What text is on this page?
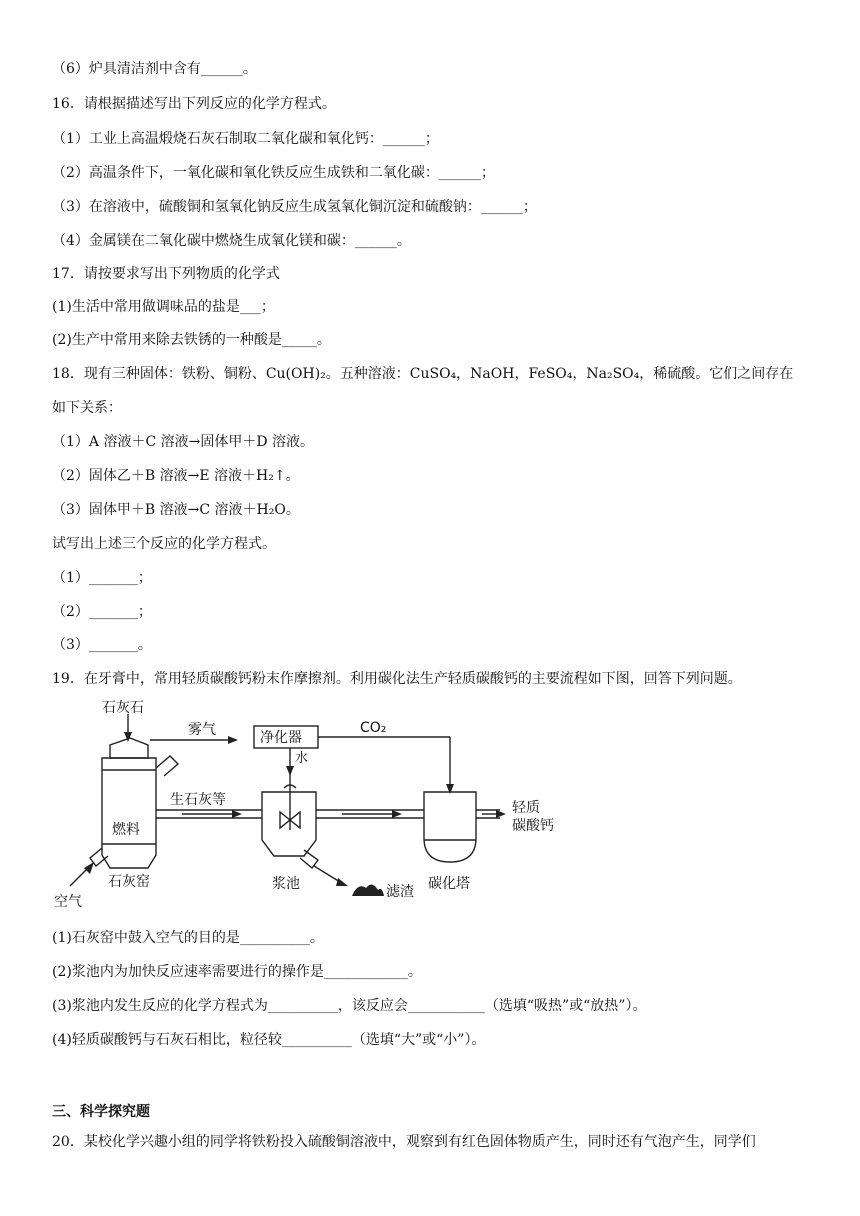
（6）炉具清洁剂中含有______。
16．请根据描述写出下列反应的化学方程式。
（1）工业上高温煅烧石灰石制取二氧化碳和氧化钙：______；
（2）高温条件下，一氧化碳和氧化铁反应生成铁和二氧化碳：______；
（3）在溶液中，硫酸铜和氢氧化钠反应生成氢氧化铜沉淀和硫酸钠：______；
（4）金属镁在二氧化碳中燃烧生成氧化镁和碳：______。
17．请按要求写出下列物质的化学式
(1)生活中常用做调味品的盐是___；
(2)生产中常用来除去铁锈的一种酸是_____。
18．现有三种固体：铁粉、铜粉、Cu(OH)₂。五种溶液：CuSO₄，NaOH，FeSO₄，Na₂SO₄，稀硫酸。它们之间存在
如下关系：
（1）A 溶液＋C 溶液→固体甲＋D 溶液。
（2）固体乙＋B 溶液→E 溶液＋H₂↑。
（3）固体甲＋B 溶液→C 溶液＋H₂O。
试写出上述三个反应的化学方程式。
（1）_______；
（2）_______；
（3）_______。
19．在牙膏中，常用轻质碳酸钙粉末作摩擦剂。利用碳化法生产轻质碳酸钙的主要流程如下图，回答下列问题。
石灰石
雾气	净化器
CO₂
水
生石灰等
燃料
空气
石灰窑	浆池	滤渣 碳化塔
轻质
碳酸钙
(1)石灰窑中鼓入空气的目的是__________。
(2)浆池内为加快反应速率需要进行的操作是____________。
(3)浆池内发生反应的化学方程式为__________，该反应会___________（选填“吸热”或“放热”）。
(4)轻质碳酸钙与石灰石相比，粒径较__________（选填“大”或“小”）。
三、科学探究题
20．某校化学兴趣小组的同学将铁粉投入硫酸铜溶液中，观察到有红色固体物质产生，同时还有气泡产生，同学们
